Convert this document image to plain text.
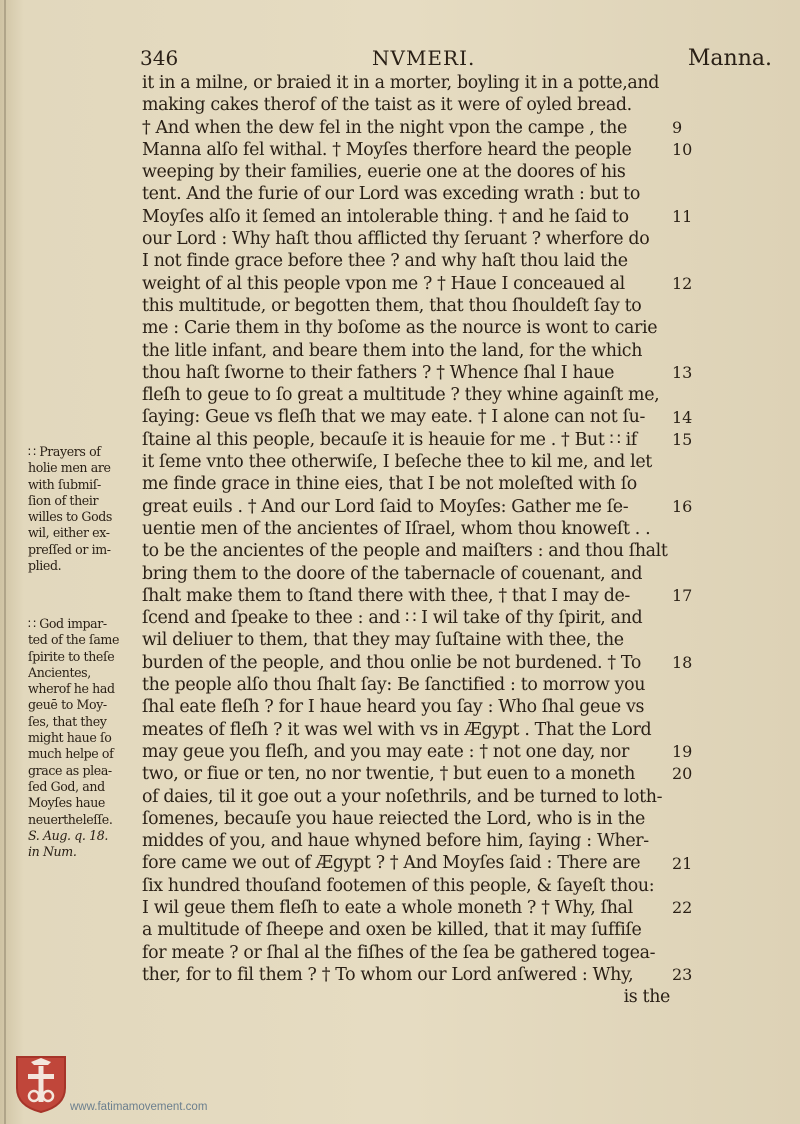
346	NVMERI.	Manna.
it in a milne, or braied it in a morter, boyling it in a potte,and
making cakes therof of the taist as it were of oyled bread.
† And when the dew fel in the night vpon the campe , the
Manna alſo fel withal. † Moyſes therfore heard the people
weeping by their families, euerie one at the doores of his
tent. And the furie of our Lord was exceding wrath : but to
Moyſes alſo it ſemed an intolerable thing. † and he ſaid to
our Lord : Why haſt thou afflicted thy ſeruant ? wherfore do
I not finde grace before thee ? and why haſt thou laid the
weight of al this people vpon me ? † Haue I conceaued al
this multitude, or begotten them, that thou ſhouldeſt ſay to
me : Carie them in thy boſome as the nource is wont to carie
the litle infant, and beare them into the land, for the which
thou haſt ſworne to their fathers ? † Whence ſhal I haue
fleſh to geue to ſo great a multitude ? they whine againſt me,
ſaying: Geue vs fleſh that we may eate. † I alone can not ſu-
ſtaine al this people, becauſe it is heauie for me . † But ∷ if
it ſeme vnto thee otherwiſe, I beſeche thee to kil me, and let
me finde grace in thine eies, that I be not moleſted with ſo
great euils . † And our Lord ſaid to Moyſes: Gather me ſe-
uentie men of the ancientes of Iſrael, whom thou knoweſt . .
to be the ancientes of the people and maiſters : and thou ſhalt
bring them to the doore of the tabernacle of couenant, and
ſhalt make them to ſtand there with thee, † that I may de-
ſcend and ſpeake to thee : and ∷ I wil take of thy ſpirit, and
wil deliuer to them, that they may ſuſtaine with thee, the
burden of the people, and thou onlie be not burdened. † To
the people alſo thou ſhalt ſay: Be ſanctified : to morrow you
ſhal eate fleſh ? for I haue heard you ſay : Who ſhal geue vs
meates of fleſh ? it was wel with vs in Ægypt . That the Lord
may geue you fleſh, and you may eate : † not one day, nor
two, or fiue or ten, no nor twentie, † but euen to a moneth
of daies, til it goe out a your noſethrils, and be turned to loth-
ſomenes, becauſe you haue reiected the Lord, who is in the
middes of you, and haue whyned before him, ſaying : Wher-
fore came we out of Ægypt ? † And Moyſes ſaid : There are
ſix hundred thouſand footemen of this people, & ſayeſt thou:
I wil geue them fleſh to eate a whole moneth ? † Why, ſhal
a multitude of ſheepe and oxen be killed, that it may ſuffiſe
for meate ? or ſhal al the fiſhes of the ſea be gathered togea-
ther, for to fil them ? † To whom our Lord anſwered : Why,
is the
9
10
11
12
13
14
15
16
17
18
19
20
21
22
23
∷ Prayers of
holie men are
with ſubmiſ-
ſion of their
willes to Gods
wil, either ex-
preſſed or im-
plied.
∷ God impar-
ted of the ſame
ſpirite to theſe
Ancientes,
wherof he had
geuē to Moy-
ſes, that they
might haue ſo
much helpe of
grace as plea-
ſed God, and
Moyſes haue
neuertheleſſe.
S. Aug. q. 18.
in Num.
www.fatimamovement.com
